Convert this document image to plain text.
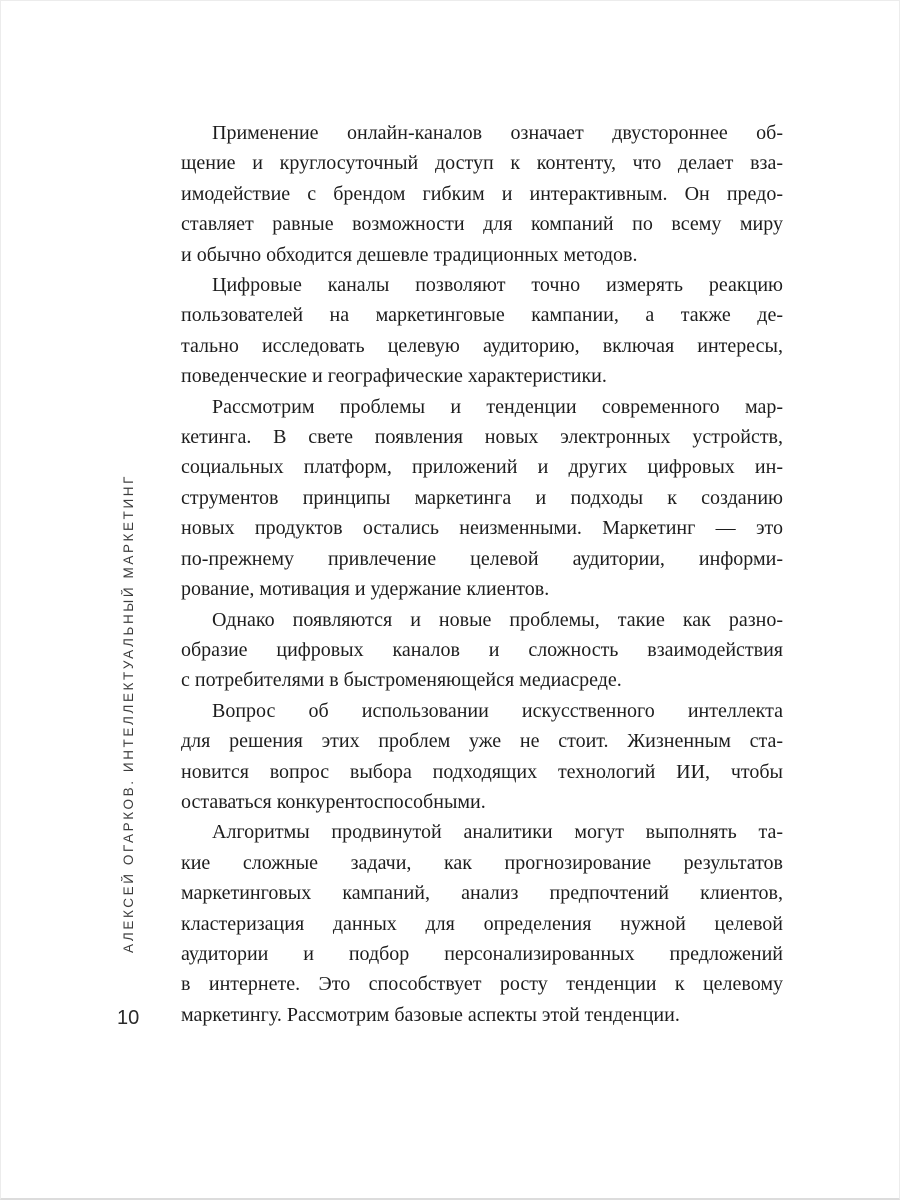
АЛЕКСЕЙ ОГАРКОВ. ИНТЕЛЛЕКТУАЛЬНЫЙ МАРКЕТИНГ
10
Применение онлайн-каналов означает двустороннее об-
щение и круглосуточный доступ к контенту, что делает вза-
имодействие с брендом гибким и интерактивным. Он предо-
ставляет равные возможности для компаний по всему миру
и обычно обходится дешевле традиционных методов.
Цифровые каналы позволяют точно измерять реакцию
пользователей на маркетинговые кампании, а также де-
тально исследовать целевую аудиторию, включая интересы,
поведенческие и географические характеристики.
Рассмотрим проблемы и тенденции современного мар-
кетинга. В свете появления новых электронных устройств,
социальных платформ, приложений и других цифровых ин-
струментов принципы маркетинга и подходы к созданию
новых продуктов остались неизменными. Маркетинг — это
по-прежнему привлечение целевой аудитории, информи-
рование, мотивация и удержание клиентов.
Однако появляются и новые проблемы, такие как разно-
образие цифровых каналов и сложность взаимодействия
с потребителями в быстроменяющейся медиасреде.
Вопрос об использовании искусственного интеллекта
для решения этих проблем уже не стоит. Жизненным ста-
новится вопрос выбора подходящих технологий ИИ, чтобы
оставаться конкурентоспособными.
Алгоритмы продвинутой аналитики могут выполнять та-
кие сложные задачи, как прогнозирование результатов
маркетинговых кампаний, анализ предпочтений клиентов,
кластеризация данных для определения нужной целевой
аудитории и подбор персонализированных предложений
в интернете. Это способствует росту тенденции к целевому
маркетингу. Рассмотрим базовые аспекты этой тенденции.
